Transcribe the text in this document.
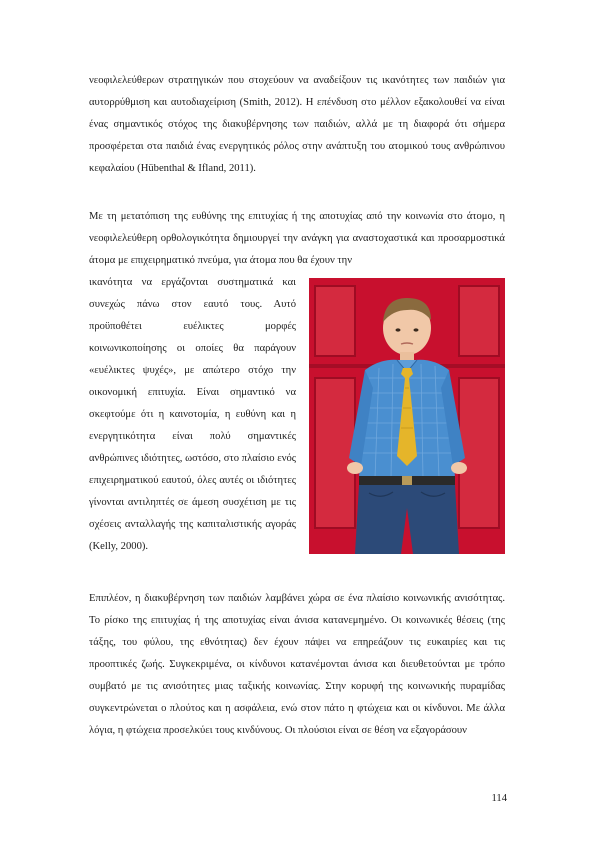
νεοφιλελεύθερων στρατηγικών που στοχεύουν να αναδείξουν τις ικανότητες των παιδιών για αυτορρύθμιση και αυτοδιαχείριση (Smith, 2012). Η επένδυση στο μέλλον εξακολουθεί να είναι ένας σημαντικός στόχος της διακυβέρνησης των παιδιών, αλλά με τη διαφορά ότι σήμερα προσφέρεται στα παιδιά ένας ενεργητικός ρόλος στην ανάπτυξη του ατομικού τους ανθρώπινου κεφαλαίου (Hübenthal & Ifland, 2011).

Με τη μετατόπιση της ευθύνης της επιτυχίας ή της αποτυχίας από την κοινωνία στο άτομο, η νεοφιλελεύθερη ορθολογικότητα δημιουργεί την ανάγκη για αναστοχαστικά και προσαρμοστικά άτομα με επιχειρηματικό πνεύμα, για άτομα που θα έχουν την

ικανότητα να εργάζονται συστηματικά και συνεχώς πάνω στον εαυτό τους. Αυτό προϋποθέτει ευέλικτες μορφές κοινωνικοποίησης οι οποίες θα παράγουν «ευέλικτες ψυχές», με απώτερο στόχο την οικονομική επιτυχία. Είναι σημαντικό να σκεφτούμε ότι η καινοτομία, η ευθύνη και η ενεργητικότητα είναι πολύ σημαντικές ανθρώπινες ιδιότητες, ωστόσο, στο πλαίσιο ενός επιχειρηματικού εαυτού, όλες αυτές οι ιδιότητες γίνονται αντιληπτές σε άμεση συσχέτιση με τις σχέσεις ανταλλαγής της καπιταλιστικής αγοράς (Kelly, 2000).

Επιπλέον, η διακυβέρνηση των παιδιών λαμβάνει χώρα σε ένα πλαίσιο κοινωνικής ανισότητας. Το ρίσκο της επιτυχίας ή της αποτυχίας είναι άνισα κατανεμημένο. Οι κοινωνικές θέσεις (της τάξης, του φύλου, της εθνότητας) δεν έχουν πάψει να επηρεάζουν τις ευκαιρίες και τις προοπτικές ζωής. Συγκεκριμένα, οι κίνδυνοι κατανέμονται άνισα και διευθετούνται με τρόπο συμβατό με τις ανισότητες μιας ταξικής κοινωνίας. Στην κορυφή της κοινωνικής πυραμίδας συγκεντρώνεται ο πλούτος και η ασφάλεια, ενώ στον πάτο η φτώχεια και οι κίνδυνοι. Με άλλα λόγια, η φτώχεια προσελκύει τους κινδύνους. Οι πλούσιοι είναι σε θέση να εξαγοράσουν

114
